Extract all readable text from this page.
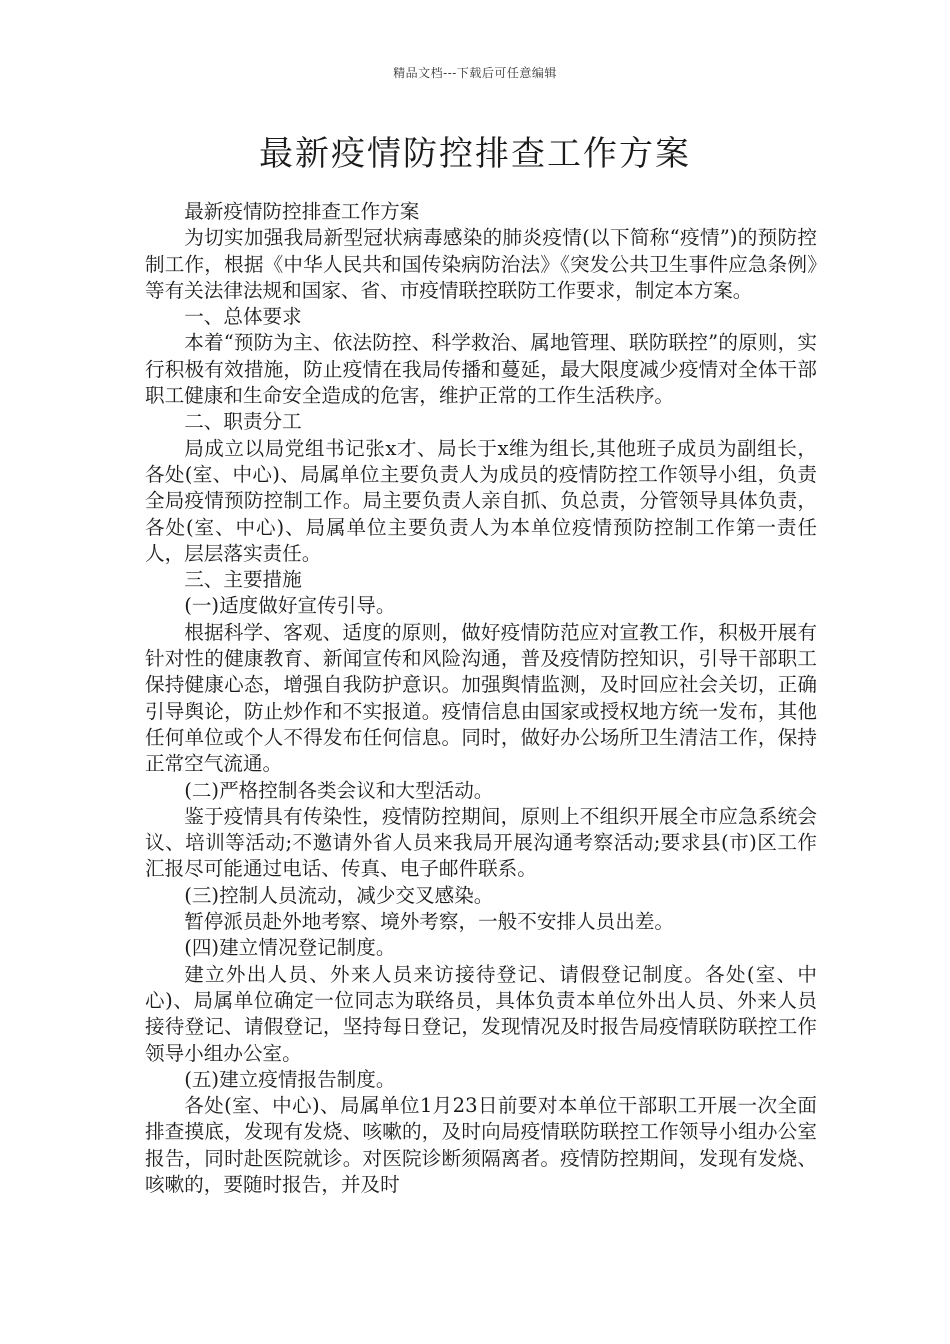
精品文档---下载后可任意编辑
最新疫情防控排查工作方案

最新疫情防控排查工作方案

为切实加强我局新型冠状病毒感染的肺炎疫情(以下简称“疫情”)的预防控制工作，根据《中华人民共和国传染病防治法》《突发公共卫生事件应急条例》等有关法律法规和国家、省、市疫情联控联防工作要求，制定本方案。

一、总体要求

本着“预防为主、依法防控、科学救治、属地管理、联防联控”的原则，实行积极有效措施，防止疫情在我局传播和蔓延，最大限度减少疫情对全体干部职工健康和生命安全造成的危害，维护正常的工作生活秩序。

二、职责分工

局成立以局党组书记张x才、局长于x维为组长,其他班子成员为副组长，各处(室、中心)、局属单位主要负责人为成员的疫情防控工作领导小组，负责全局疫情预防控制工作。局主要负责人亲自抓、负总责，分管领导具体负责，各处(室、中心)、局属单位主要负责人为本单位疫情预防控制工作第一责任人，层层落实责任。

三、主要措施

(一)适度做好宣传引导。

根据科学、客观、适度的原则，做好疫情防范应对宣教工作，积极开展有针对性的健康教育、新闻宣传和风险沟通，普及疫情防控知识，引导干部职工保持健康心态，增强自我防护意识。加强舆情监测，及时回应社会关切，正确引导舆论，防止炒作和不实报道。疫情信息由国家或授权地方统一发布，其他任何单位或个人不得发布任何信息。同时，做好办公场所卫生清洁工作，保持正常空气流通。

(二)严格控制各类会议和大型活动。

鉴于疫情具有传染性，疫情防控期间，原则上不组织开展全市应急系统会议、培训等活动;不邀请外省人员来我局开展沟通考察活动;要求县(市)区工作汇报尽可能通过电话、传真、电子邮件联系。

(三)控制人员流动，减少交叉感染。

暂停派员赴外地考察、境外考察，一般不安排人员出差。

(四)建立情况登记制度。

建立外出人员、外来人员来访接待登记、请假登记制度。各处(室、中心)、局属单位确定一位同志为联络员，具体负责本单位外出人员、外来人员接待登记、请假登记，坚持每日登记，发现情况及时报告局疫情联防联控工作领导小组办公室。

(五)建立疫情报告制度。

各处(室、中心)、局属单位1月23日前要对本单位干部职工开展一次全面排查摸底，发现有发烧、咳嗽的，及时向局疫情联防联控工作领导小组办公室报告，同时赴医院就诊。对医院诊断须隔离者。疫情防控期间，发现有发烧、咳嗽的，要随时报告，并及时
